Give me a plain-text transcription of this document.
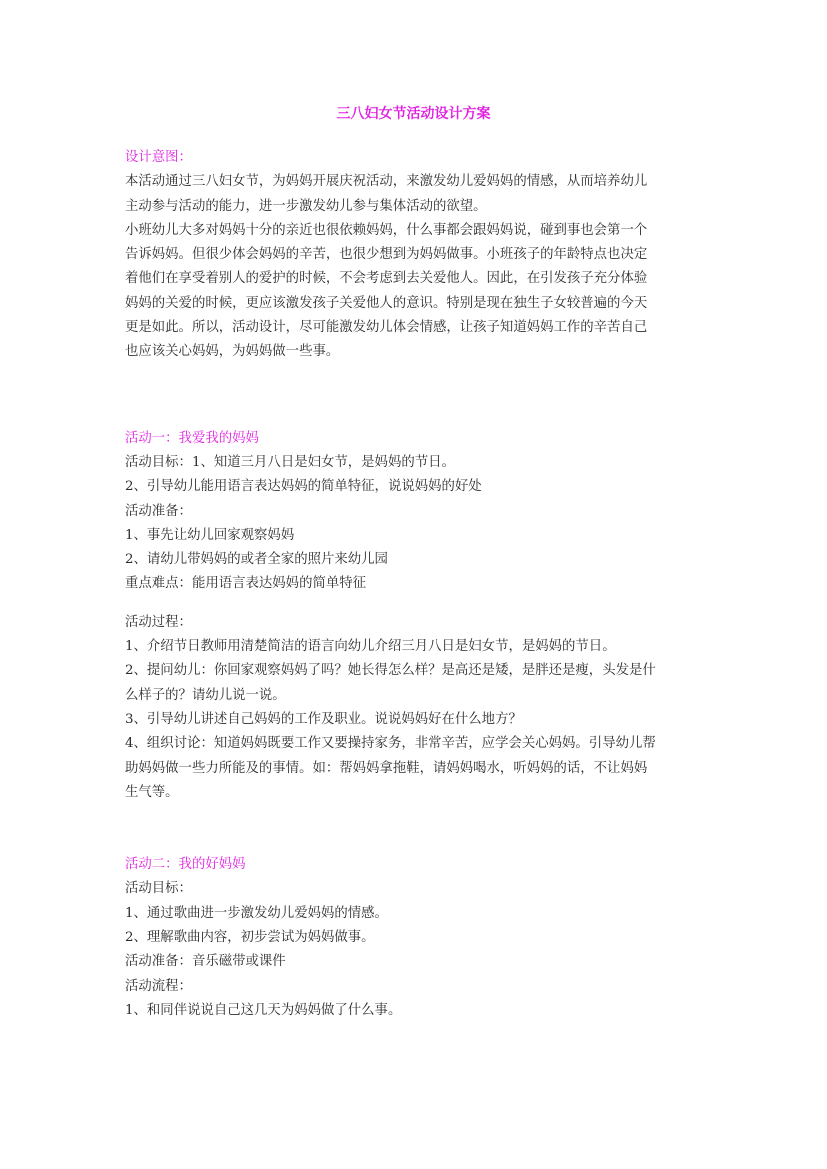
三八妇女节活动设计方案
设计意图：
本活动通过三八妇女节，为妈妈开展庆祝活动，来激发幼儿爱妈妈的情感，从而培养幼儿
主动参与活动的能力，进一步激发幼儿参与集体活动的欲望。
小班幼儿大多对妈妈十分的亲近也很依赖妈妈，什么事都会跟妈妈说，碰到事也会第一个
告诉妈妈。但很少体会妈妈的辛苦，也很少想到为妈妈做事。小班孩子的年龄特点也决定
着他们在享受着别人的爱护的时候，不会考虑到去关爱他人。因此，在引发孩子充分体验
妈妈的关爱的时候，更应该激发孩子关爱他人的意识。特别是现在独生子女较普遍的今天
更是如此。所以，活动设计，尽可能激发幼儿体会情感，让孩子知道妈妈工作的辛苦自己
也应该关心妈妈，为妈妈做一些事。
活动一：我爱我的妈妈
活动目标：1、知道三月八日是妇女节，是妈妈的节日。
2、引导幼儿能用语言表达妈妈的简单特征，说说妈妈的好处
活动准备：
1、事先让幼儿回家观察妈妈
2、请幼儿带妈妈的或者全家的照片来幼儿园
重点难点：能用语言表达妈妈的简单特征
活动过程：
1、介绍节日教师用清楚简洁的语言向幼儿介绍三月八日是妇女节，是妈妈的节日。
2、提问幼儿：你回家观察妈妈了吗？她长得怎么样？是高还是矮，是胖还是瘦，头发是什
么样子的？请幼儿说一说。
3、引导幼儿讲述自己妈妈的工作及职业。说说妈妈好在什么地方？
4、组织讨论：知道妈妈既要工作又要操持家务，非常辛苦，应学会关心妈妈。引导幼儿帮
助妈妈做一些力所能及的事情。如：帮妈妈拿拖鞋，请妈妈喝水，听妈妈的话，不让妈妈
生气等。
活动二：我的好妈妈
活动目标：
1、通过歌曲进一步激发幼儿爱妈妈的情感。
2、理解歌曲内容，初步尝试为妈妈做事。
活动准备：音乐磁带或课件
活动流程：
1、和同伴说说自己这几天为妈妈做了什么事。
